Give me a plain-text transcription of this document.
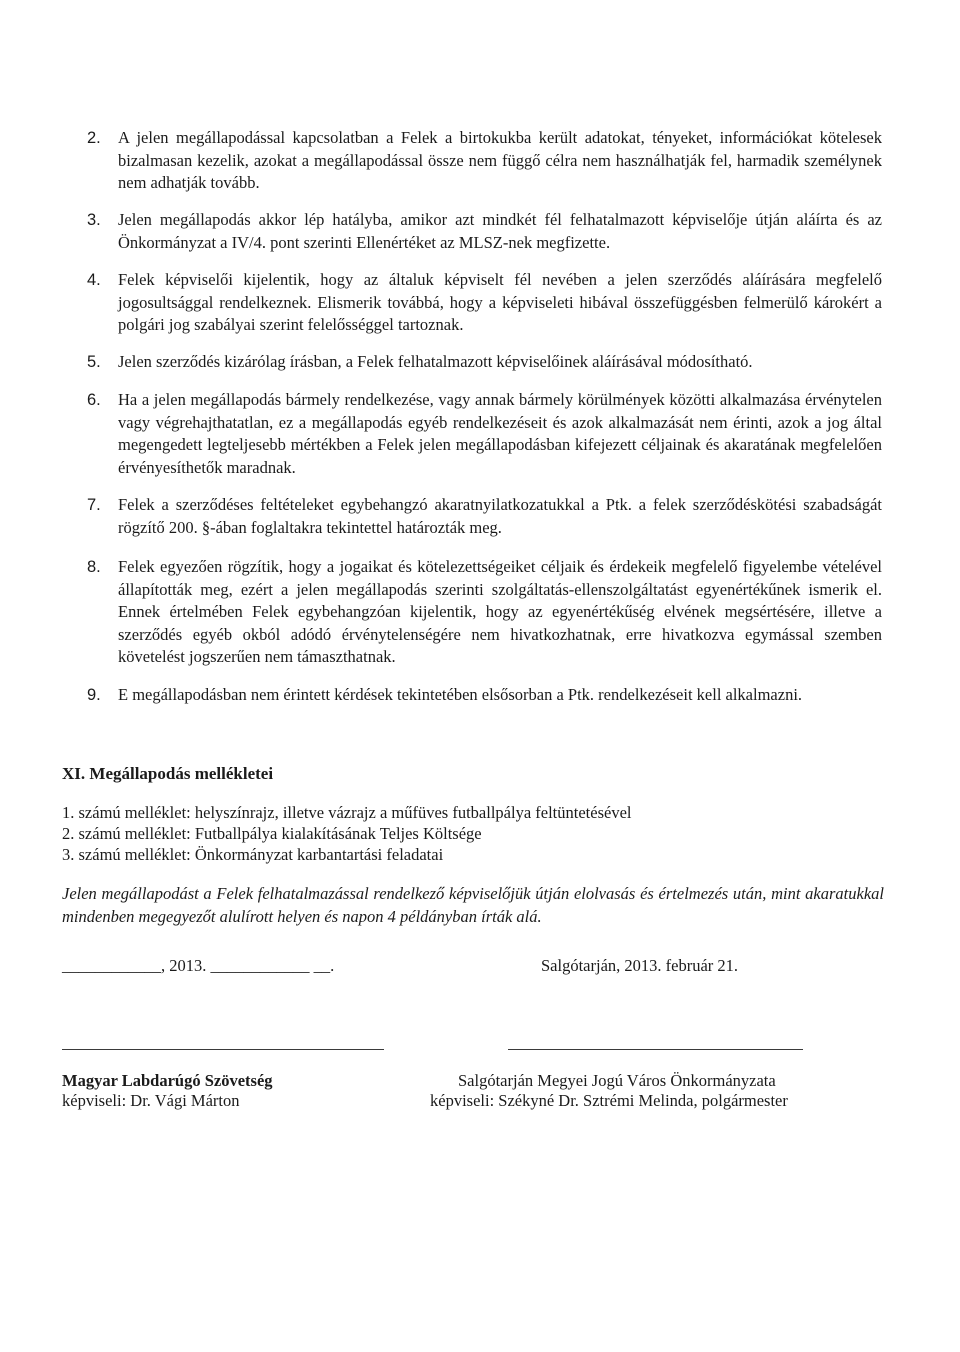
2.	A jelen megállapodással kapcsolatban a Felek a birtokukba került adatokat, tényeket, információkat kötelesek bizalmasan kezelik, azokat a megállapodással össze nem függő célra nem használhatják fel, harmadik személynek nem adhatják tovább.
3.	Jelen megállapodás akkor lép hatályba, amikor azt mindkét fél felhatalmazott képviselője útján aláírta és az Önkormányzat a IV/4. pont szerinti Ellenértéket az MLSZ-nek megfizette.
4.	Felek képviselői kijelentik, hogy az általuk képviselt fél nevében a jelen szerződés aláírására megfelelő jogosultsággal rendelkeznek. Elismerik továbbá, hogy a képviseleti hibával összefüggésben felmerülő károkért a polgári jog szabályai szerint felelősséggel tartoznak.
5.	Jelen szerződés kizárólag írásban, a Felek felhatalmazott képviselőinek aláírásával módosítható.
6.	Ha a jelen megállapodás bármely rendelkezése, vagy annak bármely körülmények közötti alkalmazása érvénytelen vagy végrehajthatatlan, ez a megállapodás egyéb rendelkezéseit és azok alkalmazását nem érinti, azok a jog által megengedett legteljesebb mértékben a Felek jelen megállapodásban kifejezett céljainak és akaratának megfelelően érvényesíthetők maradnak.
7.	Felek a szerződéses feltételeket egybehangzó akaratnyilatkozatukkal a Ptk. a felek szerződéskötési szabadságát rögzítő 200. §-ában foglaltakra tekintettel határozták meg.
8.	Felek egyezően rögzítik, hogy a jogaikat és kötelezettségeiket céljaik és érdekeik megfelelő figyelembe vételével állapították meg, ezért a jelen megállapodás szerinti szolgáltatás-ellenszolgáltatást egyenértékűnek ismerik el. Ennek értelmében Felek egybehangzóan kijelentik, hogy az egyenértékűség elvének megsértésére, illetve a szerződés egyéb okból adódó érvénytelenségére nem hivatkozhatnak, erre hivatkozva egymással szemben követelést jogszerűen nem támaszthatnak.
9.	E megállapodásban nem érintett kérdések tekintetében elsősorban a Ptk. rendelkezéseit kell alkalmazni.
XI. Megállapodás mellékletei
1. számú melléklet: helyszínrajz, illetve vázrajz a műfüves futballpálya feltüntetésével
2. számú melléklet: Futballpálya kialakításának Teljes Költsége
3. számú melléklet: Önkormányzat karbantartási feladatai
Jelen megállapodást a Felek felhatalmazással rendelkező képviselőjük útján elolvasás és értelmezés után, mint akaratukkal mindenben megegyezőt alulírott helyen és napon 4 példányban írták alá.
____________, 2013. ____________ __.	Salgótarján, 2013. február 21.
Magyar Labdarúgó Szövetség
képviseli: Dr. Vági Márton
Salgótarján Megyei Jogú Város Önkormányzata
képviseli: Székyné Dr. Sztrémi Melinda, polgármester
